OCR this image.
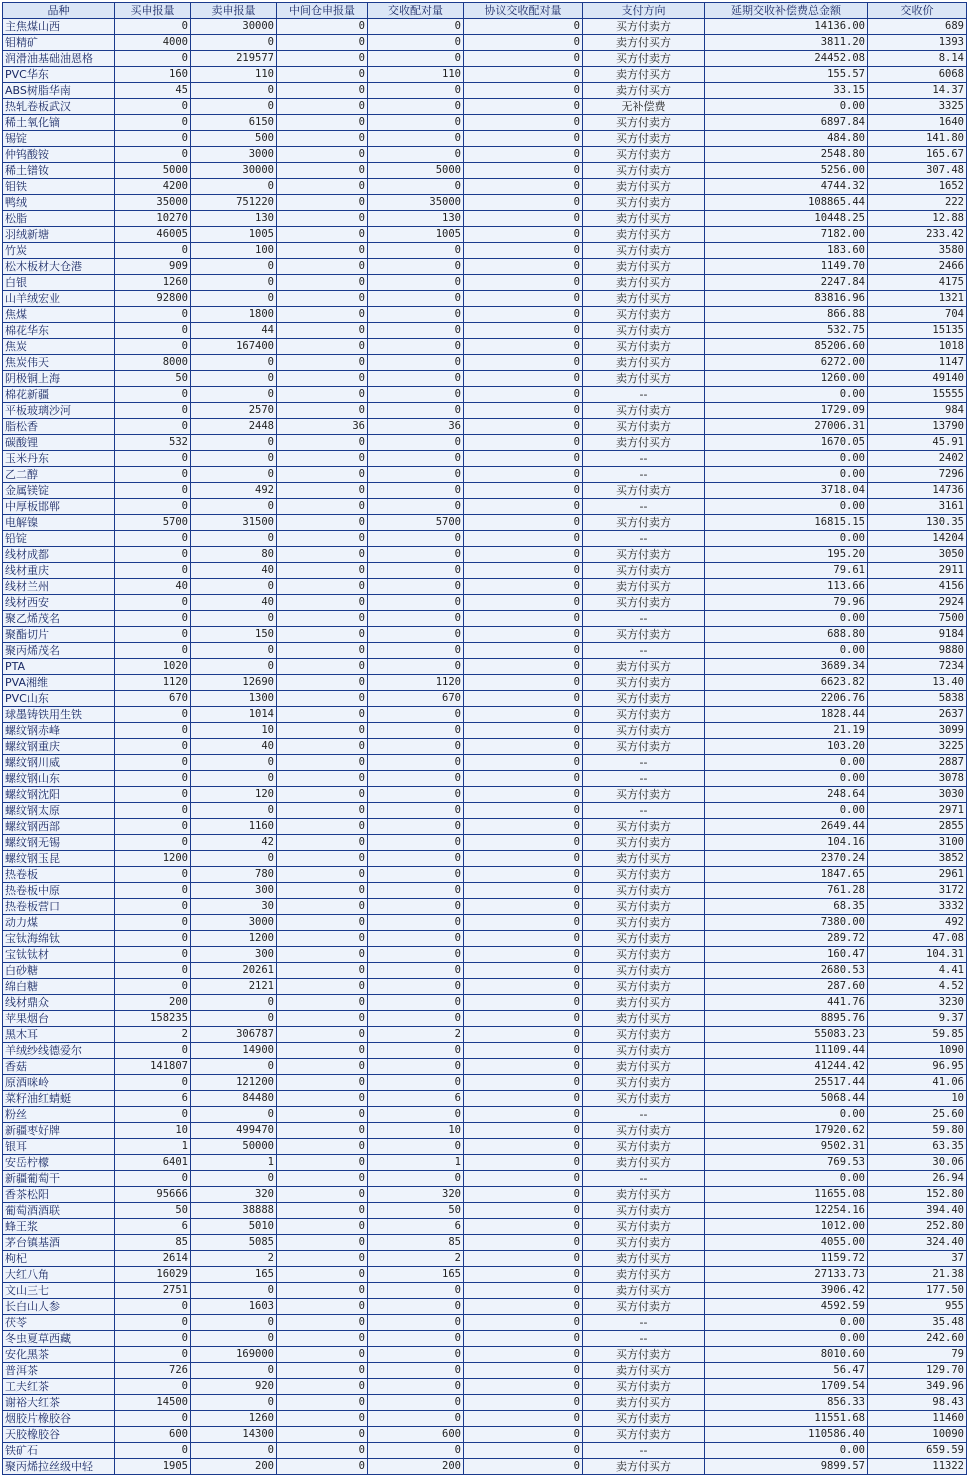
品种	买申报量	卖申报量	中间仓申报量	交收配对量	协议交收配对量	支付方向	延期交收补偿费总金额	交收价
主焦煤山西	0	30000	0	0	0	买方付卖方	14136.00	689
钼精矿	4000	0	0	0	0	卖方付买方	3811.20	1393
润滑油基础油恩格	0	219577	0	0	0	买方付卖方	24452.08	8.14
PVC华东	160	110	0	110	0	卖方付买方	155.57	6068
ABS树脂华南	45	0	0	0	0	卖方付买方	33.15	14.37
热轧卷板武汉	0	0	0	0	0	无补偿费	0.00	3325
稀土氧化镝	0	6150	0	0	0	买方付卖方	6897.84	1640
锡锭	0	500	0	0	0	买方付卖方	484.80	141.80
仲钨酸铵	0	3000	0	0	0	买方付卖方	2548.80	165.67
稀土镨钕	5000	30000	0	5000	0	买方付卖方	5256.00	307.48
钼铁	4200	0	0	0	0	卖方付买方	4744.32	1652
鸭绒	35000	751220	0	35000	0	买方付卖方	108865.44	222
松脂	10270	130	0	130	0	卖方付买方	10448.25	12.88
羽绒新塘	46005	1005	0	1005	0	卖方付买方	7182.00	233.42
竹炭	0	100	0	0	0	买方付卖方	183.60	3580
松木板材大仓港	909	0	0	0	0	卖方付买方	1149.70	2466
白银	1260	0	0	0	0	卖方付买方	2247.84	4175
山羊绒宏业	92800	0	0	0	0	卖方付买方	83816.96	1321
焦煤	0	1800	0	0	0	买方付卖方	866.88	704
棉花华东	0	44	0	0	0	买方付卖方	532.75	15135
焦炭	0	167400	0	0	0	买方付卖方	85206.60	1018
焦炭伟天	8000	0	0	0	0	卖方付买方	6272.00	1147
阴极铜上海	50	0	0	0	0	卖方付买方	1260.00	49140
棉花新疆	0	0	0	0	0	--	0.00	15555
平板玻璃沙河	0	2570	0	0	0	买方付卖方	1729.09	984
脂松香	0	2448	36	36	0	买方付卖方	27006.31	13790
碳酸锂	532	0	0	0	0	卖方付买方	1670.05	45.91
玉米丹东	0	0	0	0	0	--	0.00	2402
乙二醇	0	0	0	0	0	--	0.00	7296
金属镁锭	0	492	0	0	0	买方付卖方	3718.04	14736
中厚板邯郸	0	0	0	0	0	--	0.00	3161
电解镍	5700	31500	0	5700	0	买方付卖方	16815.15	130.35
铅锭	0	0	0	0	0	--	0.00	14204
线材成都	0	80	0	0	0	买方付卖方	195.20	3050
线材重庆	0	40	0	0	0	买方付卖方	79.61	2911
线材兰州	40	0	0	0	0	卖方付买方	113.66	4156
线材西安	0	40	0	0	0	买方付卖方	79.96	2924
聚乙烯茂名	0	0	0	0	0	--	0.00	7500
聚酯切片	0	150	0	0	0	买方付卖方	688.80	9184
聚丙烯茂名	0	0	0	0	0	--	0.00	9880
PTA	1020	0	0	0	0	卖方付买方	3689.34	7234
PVA湘维	1120	12690	0	1120	0	买方付卖方	6623.82	13.40
PVC山东	670	1300	0	670	0	买方付卖方	2206.76	5838
球墨铸铁用生铁	0	1014	0	0	0	买方付卖方	1828.44	2637
螺纹钢赤峰	0	10	0	0	0	买方付卖方	21.19	3099
螺纹钢重庆	0	40	0	0	0	买方付卖方	103.20	3225
螺纹钢川威	0	0	0	0	0	--	0.00	2887
螺纹钢山东	0	0	0	0	0	--	0.00	3078
螺纹钢沈阳	0	120	0	0	0	买方付卖方	248.64	3030
螺纹钢太原	0	0	0	0	0	--	0.00	2971
螺纹钢西部	0	1160	0	0	0	买方付卖方	2649.44	2855
螺纹钢无锡	0	42	0	0	0	买方付卖方	104.16	3100
螺纹钢玉昆	1200	0	0	0	0	卖方付买方	2370.24	3852
热卷板	0	780	0	0	0	买方付卖方	1847.65	2961
热卷板中原	0	300	0	0	0	买方付卖方	761.28	3172
热卷板营口	0	30	0	0	0	买方付卖方	68.35	3332
动力煤	0	3000	0	0	0	买方付卖方	7380.00	492
宝钛海绵钛	0	1200	0	0	0	买方付卖方	289.72	47.08
宝钛钛材	0	300	0	0	0	买方付卖方	160.47	104.31
白砂糖	0	20261	0	0	0	买方付卖方	2680.53	4.41
绵白糖	0	2121	0	0	0	买方付卖方	287.60	4.52
线材鼎众	200	0	0	0	0	卖方付买方	441.76	3230
苹果烟台	158235	0	0	0	0	卖方付买方	8895.76	9.37
黑木耳	2	306787	0	2	0	买方付卖方	55083.23	59.85
羊绒纱线德爱尔	0	14900	0	0	0	买方付卖方	11109.44	1090
香菇	141807	0	0	0	0	卖方付买方	41244.42	96.95
原酒咪岭	0	121200	0	0	0	买方付卖方	25517.44	41.06
菜籽油红蜻蜓	6	84480	0	6	0	买方付卖方	5068.44	10
粉丝	0	0	0	0	0	--	0.00	25.60
新疆枣好牌	10	499470	0	10	0	买方付卖方	17920.62	59.80
银耳	1	50000	0	0	0	买方付卖方	9502.31	63.35
安岳柠檬	6401	1	0	1	0	卖方付买方	769.53	30.06
新疆葡萄干	0	0	0	0	0	--	0.00	26.94
香茶松阳	95666	320	0	320	0	卖方付买方	11655.08	152.80
葡萄酒酒联	50	38888	0	50	0	买方付卖方	12254.16	394.40
蜂王浆	6	5010	0	6	0	买方付卖方	1012.00	252.80
茅台镇基酒	85	5085	0	85	0	买方付卖方	4055.00	324.40
枸杞	2614	2	0	2	0	卖方付买方	1159.72	37
大红八角	16029	165	0	165	0	卖方付买方	27133.73	21.38
文山三七	2751	0	0	0	0	卖方付买方	3906.42	177.50
长白山人参	0	1603	0	0	0	买方付卖方	4592.59	955
茯苓	0	0	0	0	0	--	0.00	35.48
冬虫夏草西藏	0	0	0	0	0	--	0.00	242.60
安化黑茶	0	169000	0	0	0	买方付卖方	8010.60	79
普洱茶	726	0	0	0	0	卖方付买方	56.47	129.70
工夫红茶	0	920	0	0	0	买方付卖方	1709.54	349.96
谢裕大红茶	14500	0	0	0	0	卖方付买方	856.33	98.43
烟胶片橡胶谷	0	1260	0	0	0	买方付卖方	11551.68	11460
天胶橡胶谷	600	14300	0	600	0	买方付卖方	110586.40	10090
铁矿石	0	0	0	0	0	--	0.00	659.59
聚丙烯拉丝级中轻	1905	200	0	200	0	卖方付买方	9899.57	11322
